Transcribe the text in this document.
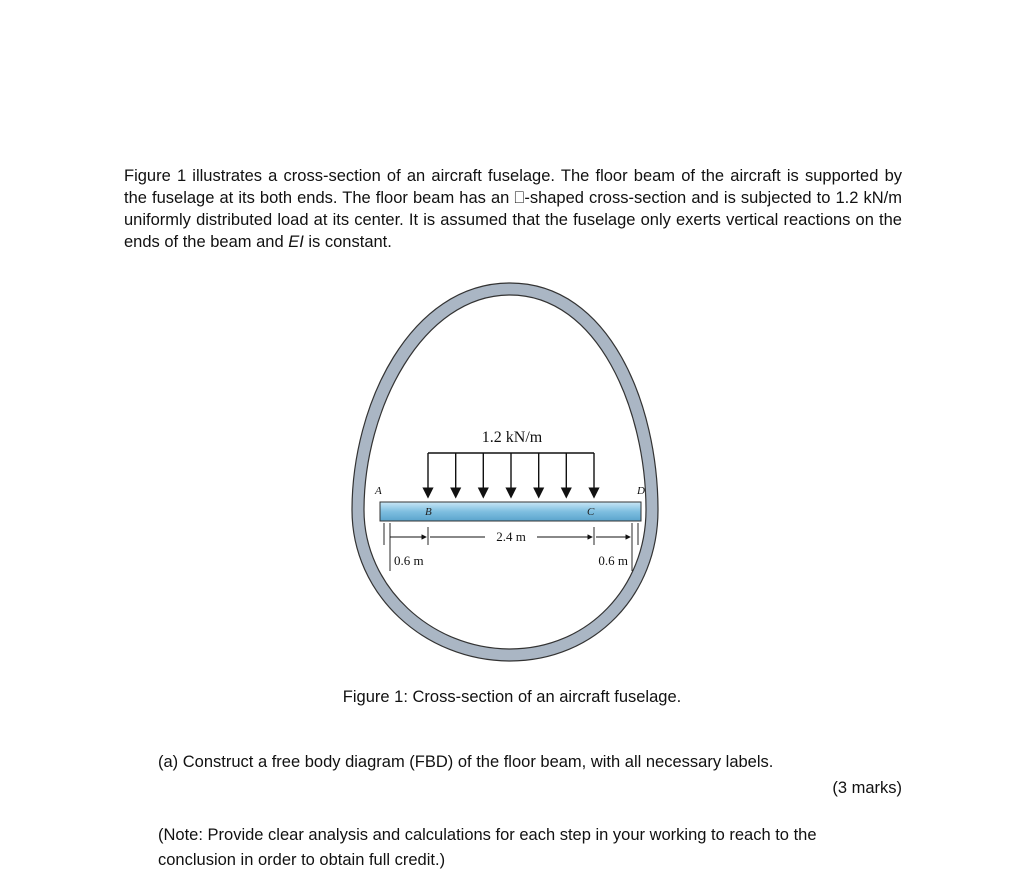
Figure 1 illustrates a cross-section of an aircraft fuselage. The floor beam of the aircraft is supported by the fuselage at its both ends. The floor beam has an ⎕-shaped cross-section and is subjected to 1.2 kN/m uniformly distributed load at its center. It is assumed that the fuselage only exerts vertical reactions on the ends of the beam and EI is constant.

1.2 kN/m
A	D
B	C
2.4 m
0.6 m	0.6 m

Figure 1: Cross-section of an aircraft fuselage.

(a) Construct a free body diagram (FBD) of the floor beam, with all necessary labels.

(3 marks)

(Note: Provide clear analysis and calculations for each step in your working to reach to the conclusion in order to obtain full credit.)
